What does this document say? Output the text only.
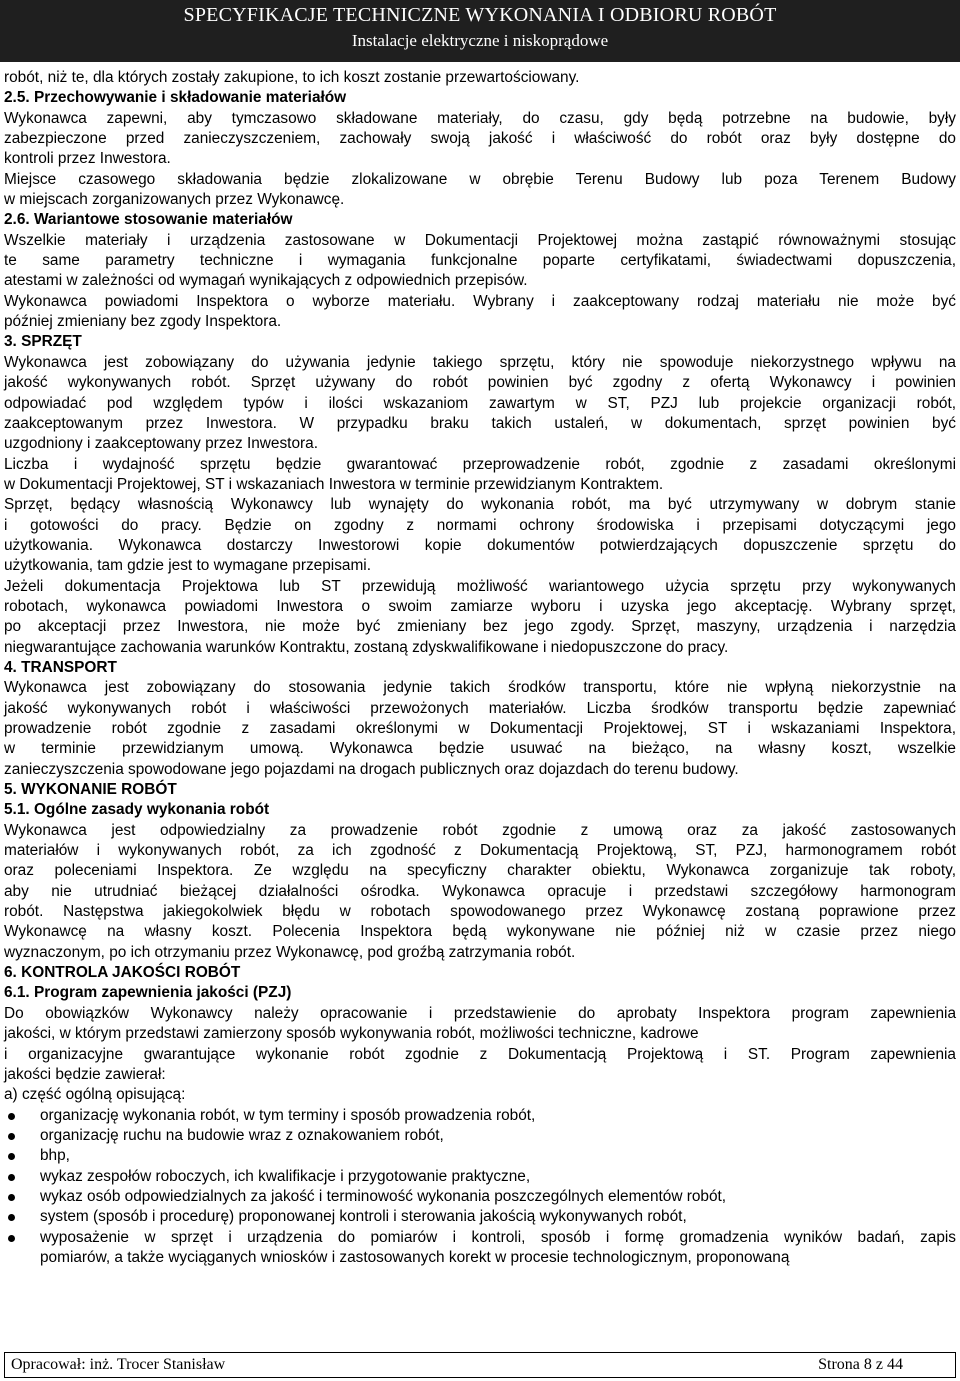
SPECYFIKACJE TECHNICZNE WYKONANIA I ODBIORU ROBÓT
Instalacje elektryczne i niskoprądowe
robót, niż te, dla których zostały zakupione, to ich koszt zostanie przewartościowany.
2.5. Przechowywanie i składowanie materiałów
Wykonawca zapewni, aby tymczasowo składowane materiały, do czasu, gdy będą potrzebne na budowie, były
zabezpieczone przed zanieczyszczeniem, zachowały swoją jakość i właściwość do robót oraz były dostępne do
kontroli przez Inwestora.
Miejsce czasowego składowania będzie zlokalizowane w obrębie Terenu Budowy lub poza Terenem Budowy
w miejscach zorganizowanych przez Wykonawcę.
2.6. Wariantowe stosowanie materiałów
Wszelkie materiały i urządzenia zastosowane w Dokumentacji Projektowej można zastąpić równoważnymi stosując
te same parametry techniczne i wymagania funkcjonalne poparte certyfikatami, świadectwami dopuszczenia,
atestami w zależności od wymagań wynikających z odpowiednich przepisów.
Wykonawca powiadomi Inspektora o wyborze materiału. Wybrany i zaakceptowany rodzaj materiału nie może być
później zmieniany bez zgody Inspektora.
3. SPRZĘT
Wykonawca jest zobowiązany do używania jedynie takiego sprzętu, który nie spowoduje niekorzystnego wpływu na
jakość wykonywanych robót. Sprzęt używany do robót powinien być zgodny z ofertą Wykonawcy i powinien
odpowiadać pod względem typów i ilości wskazaniom zawartym w ST, PZJ lub projekcie organizacji robót,
zaakceptowanym przez Inwestora. W przypadku braku takich ustaleń, w dokumentach, sprzęt powinien być
uzgodniony i zaakceptowany przez Inwestora.
Liczba i wydajność sprzętu będzie gwarantować przeprowadzenie robót, zgodnie z zasadami określonymi
w Dokumentacji Projektowej, ST i wskazaniach Inwestora w terminie przewidzianym Kontraktem.
Sprzęt, będący własnością Wykonawcy lub wynajęty do wykonania robót, ma być utrzymywany w dobrym stanie
i gotowości do pracy. Będzie on zgodny z normami ochrony środowiska i przepisami dotyczącymi jego
użytkowania. Wykonawca dostarczy Inwestorowi kopie dokumentów potwierdzających dopuszczenie sprzętu do
użytkowania, tam gdzie jest to wymagane przepisami.
Jeżeli dokumentacja Projektowa lub ST przewidują możliwość wariantowego użycia sprzętu przy wykonywanych
robotach, wykonawca powiadomi Inwestora o swoim zamiarze wyboru i uzyska jego akceptację. Wybrany sprzęt,
po akceptacji przez Inwestora, nie może być zmieniany bez jego zgody. Sprzęt, maszyny, urządzenia i narzędzia
niegwarantujące zachowania warunków Kontraktu, zostaną zdyskwalifikowane i niedopuszczone do pracy.
4. TRANSPORT
Wykonawca jest zobowiązany do stosowania jedynie takich środków transportu, które nie wpłyną niekorzystnie na
jakość wykonywanych robót i właściwości przewożonych materiałów. Liczba środków transportu będzie zapewniać
prowadzenie robót zgodnie z zasadami określonymi w Dokumentacji Projektowej, ST i wskazaniami Inspektora,
w terminie przewidzianym umową. Wykonawca będzie usuwać na bieżąco, na własny koszt, wszelkie
zanieczyszczenia spowodowane jego pojazdami na drogach publicznych oraz dojazdach do terenu budowy.
5. WYKONANIE ROBÓT
5.1. Ogólne zasady wykonania robót
Wykonawca jest odpowiedzialny za prowadzenie robót zgodnie z umową oraz za jakość zastosowanych
materiałów i wykonywanych robót, za ich zgodność z Dokumentacją Projektową, ST, PZJ, harmonogramem robót
oraz poleceniami Inspektora. Ze względu na specyficzny charakter obiektu, Wykonawca zorganizuje tak roboty,
aby nie utrudniać bieżącej działalności ośrodka. Wykonawca opracuje i przedstawi szczegółowy harmonogram
robót. Następstwa jakiegokolwiek błędu w robotach spowodowanego przez Wykonawcę zostaną poprawione przez
Wykonawcę na własny koszt. Polecenia Inspektora będą wykonywane nie później niż w czasie przez niego
wyznaczonym, po ich otrzymaniu przez Wykonawcę, pod groźbą zatrzymania robót.
6. KONTROLA JAKOŚCI ROBÓT
6.1. Program zapewnienia jakości (PZJ)
Do obowiązków Wykonawcy należy opracowanie i przedstawienie do aprobaty Inspektora program zapewnienia
jakości, w którym przedstawi zamierzony sposób wykonywania robót, możliwości techniczne, kadrowe
i organizacyjne gwarantujące wykonanie robót zgodnie z Dokumentacją Projektową i ST. Program zapewnienia
jakości będzie zawierał:
a) część ogólną opisującą:
organizację wykonania robót, w tym terminy i sposób prowadzenia robót,
organizację ruchu na budowie wraz z oznakowaniem robót,
bhp,
wykaz zespołów roboczych, ich kwalifikacje i przygotowanie praktyczne,
wykaz osób odpowiedzialnych za jakość i terminowość wykonania poszczególnych elementów robót,
system (sposób i procedurę) proponowanej kontroli i sterowania jakością wykonywanych robót,
wyposażenie w sprzęt i urządzenia do pomiarów i kontroli, sposób i formę gromadzenia wyników badań, zapis
pomiarów, a także wyciąganych wniosków i zastosowanych korekt w procesie technologicznym, proponowaną
Opracował: inż. Trocer Stanisław	Strona 8 z 44
